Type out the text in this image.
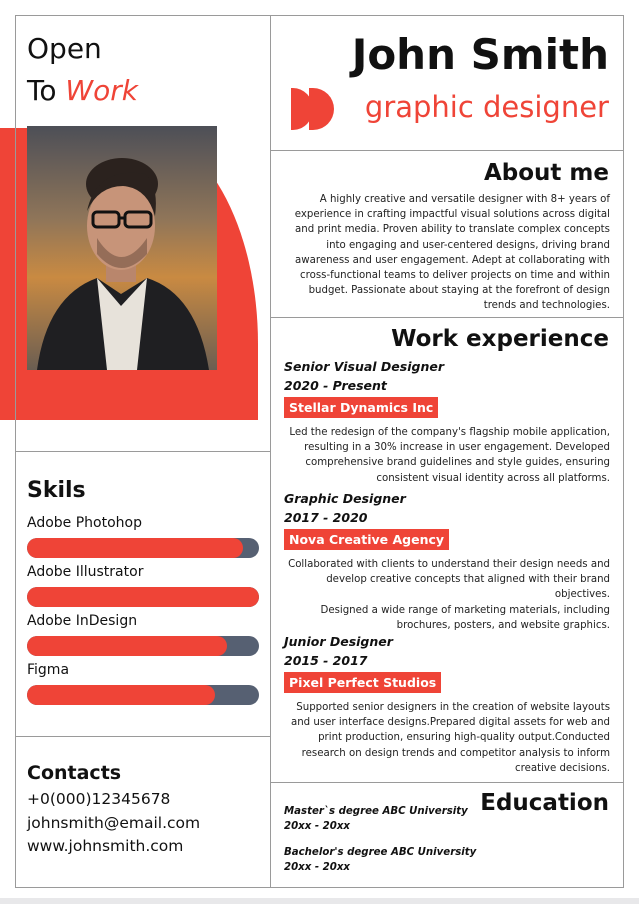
Open
To Work
John Smith
graphic designer
About me
A highly creative and versatile designer with 8+ years of experience in crafting impactful visual solutions across digital and print media. Proven ability to translate complex concepts into engaging and user-centered designs, driving brand awareness and user engagement. Adept at collaborating with cross-functional teams to deliver projects on time and within budget. Passionate about staying at the forefront of design trends and technologies.
Work experience
Senior Visual Designer
2020 - Present
Stellar Dynamics Inc
Led the redesign of the company's flagship mobile application, resulting in a 30% increase in user engagement. Developed comprehensive brand guidelines and style guides, ensuring consistent visual identity across all platforms.
Graphic Designer
2017 - 2020
Nova Creative Agency
Collaborated with clients to understand their design needs and develop creative concepts that aligned with their brand objectives.
Designed a wide range of marketing materials, including brochures, posters, and website graphics.
Junior Designer
2015 - 2017
Pixel Perfect Studios
Supported senior designers in the creation of website layouts and user interface designs.Prepared digital assets for web and print production, ensuring high-quality output.Conducted research on design trends and competitor analysis to inform creative decisions.
Skils
Adobe Photohop
Adobe Illustrator
Adobe InDesign
Figma
Contacts
+0(000)12345678
johnsmith@email.com
www.johnsmith.com
Education
Master`s degree ABC University
20xx - 20xx
Bachelor's degree ABC University
20xx - 20xx
